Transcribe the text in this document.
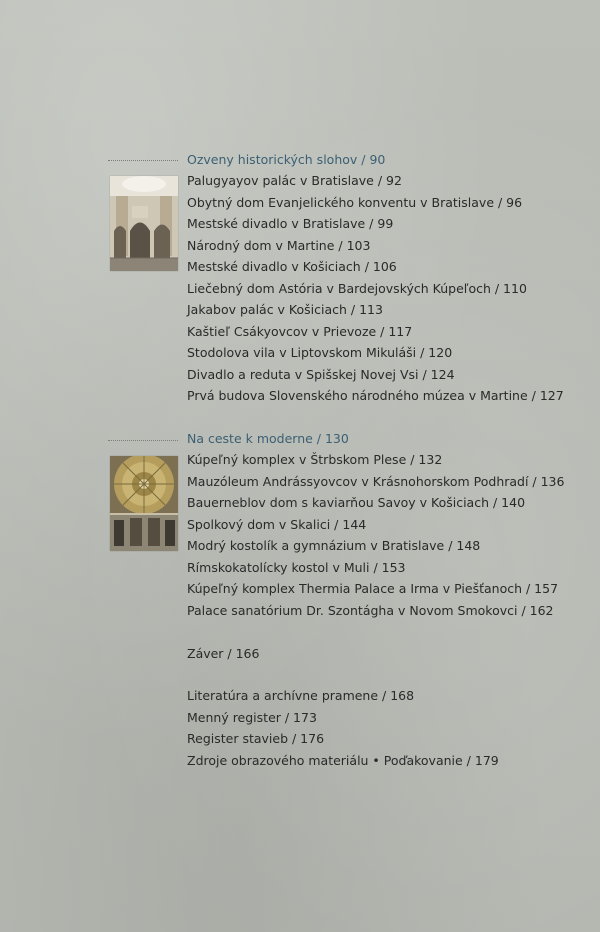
Ozveny historických slohov / 90
Palugyayov palác v Bratislave / 92
Obytný dom Evanjelického konventu v Bratislave / 96
Mestské divadlo v Bratislave / 99
Národný dom v Martine / 103
Mestské divadlo v Košiciach / 106
Liečebný dom Astória v Bardejovských Kúpeľoch / 110
Jakabov palác v Košiciach / 113
Kaštieľ Csákyovcov v Prievoze / 117
Stodolova vila v Liptovskom Mikuláši / 120
Divadlo a reduta v Spišskej Novej Vsi / 124
Prvá budova Slovenského národného múzea v Martine / 127
Na ceste k moderne / 130
Kúpeľný komplex v Štrbskom Plese / 132
Mauzóleum Andrássyovcov v Krásnohorskom Podhradí / 136
Bauerneblov dom s kaviarňou Savoy v Košiciach / 140
Spolkový dom v Skalici / 144
Modrý kostolík a gymnázium v Bratislave / 148
Rímskokatolícky kostol v Muli / 153
Kúpeľný komplex Thermia Palace a Irma v Piešťanoch / 157
Palace sanatórium Dr. Szontágha v Novom Smokovci / 162
Záver / 166
Literatúra a archívne pramene / 168
Menný register / 173
Register stavieb / 176
Zdroje obrazového materiálu • Poďakovanie / 179
